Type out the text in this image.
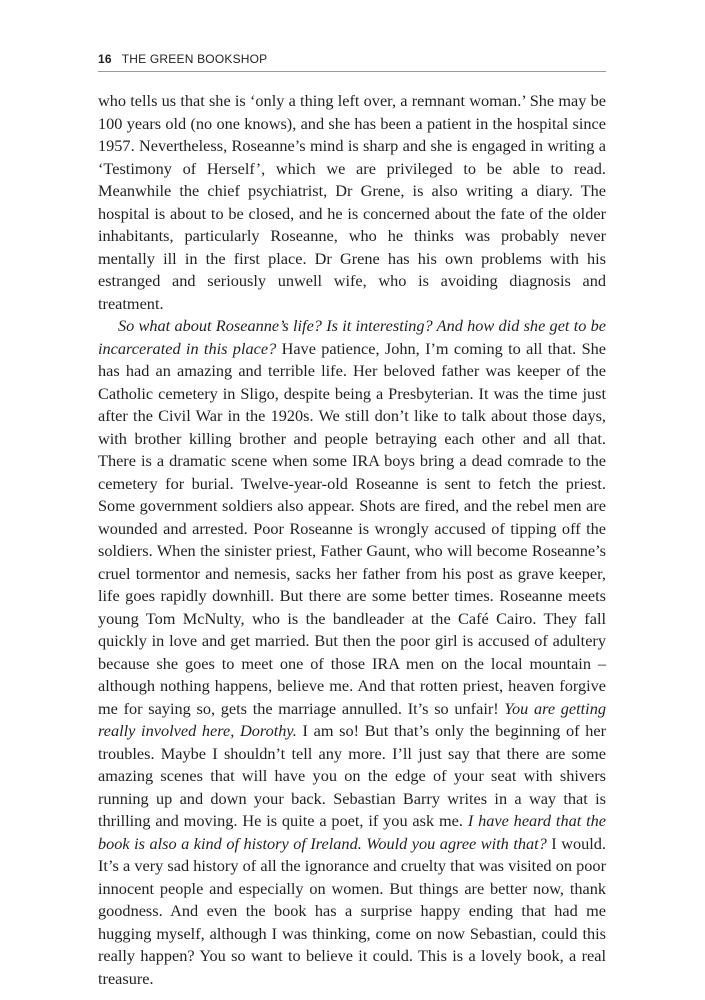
16 THE GREEN BOOKSHOP

who tells us that she is ‘only a thing left over, a remnant woman.’ She may be 100 years old (no one knows), and she has been a patient in the hospital since 1957. Nevertheless, Roseanne’s mind is sharp and she is engaged in writing a ‘Testimony of Herself’, which we are privileged to be able to read. Meanwhile the chief psychiatrist, Dr Grene, is also writing a diary. The hospital is about to be closed, and he is concerned about the fate of the older inhabitants, particularly Roseanne, who he thinks was probably never mentally ill in the first place. Dr Grene has his own problems with his estranged and seriously unwell wife, who is avoiding diagnosis and treatment.

So what about Roseanne’s life? Is it interesting? And how did she get to be incarcerated in this place? Have patience, John, I’m coming to all that. She has had an amazing and terrible life. Her beloved father was keeper of the Catholic cemetery in Sligo, despite being a Presbyterian. It was the time just after the Civil War in the 1920s. We still don’t like to talk about those days, with brother killing brother and people betraying each other and all that. There is a dramatic scene when some IRA boys bring a dead comrade to the cemetery for burial. Twelve-year-old Roseanne is sent to fetch the priest. Some government soldiers also appear. Shots are fired, and the rebel men are wounded and arrested. Poor Roseanne is wrongly accused of tipping off the soldiers. When the sinister priest, Father Gaunt, who will become Roseanne’s cruel tormentor and nemesis, sacks her father from his post as grave keeper, life goes rapidly downhill. But there are some better times. Roseanne meets young Tom McNulty, who is the bandleader at the Café Cairo. They fall quickly in love and get married. But then the poor girl is accused of adultery because she goes to meet one of those IRA men on the local mountain – although nothing happens, believe me. And that rotten priest, heaven forgive me for saying so, gets the marriage annulled. It’s so unfair! You are getting really involved here, Dorothy. I am so! But that’s only the beginning of her troubles. Maybe I shouldn’t tell any more. I’ll just say that there are some amazing scenes that will have you on the edge of your seat with shivers running up and down your back. Sebastian Barry writes in a way that is thrilling and moving. He is quite a poet, if you ask me. I have heard that the book is also a kind of history of Ireland. Would you agree with that? I would. It’s a very sad history of all the ignorance and cruelty that was visited on poor innocent people and especially on women. But things are better now, thank goodness. And even the book has a surprise happy ending that had me hugging myself, although I was thinking, come on now Sebastian, could this really happen? You so want to believe it could. This is a lovely book, a real treasure.
